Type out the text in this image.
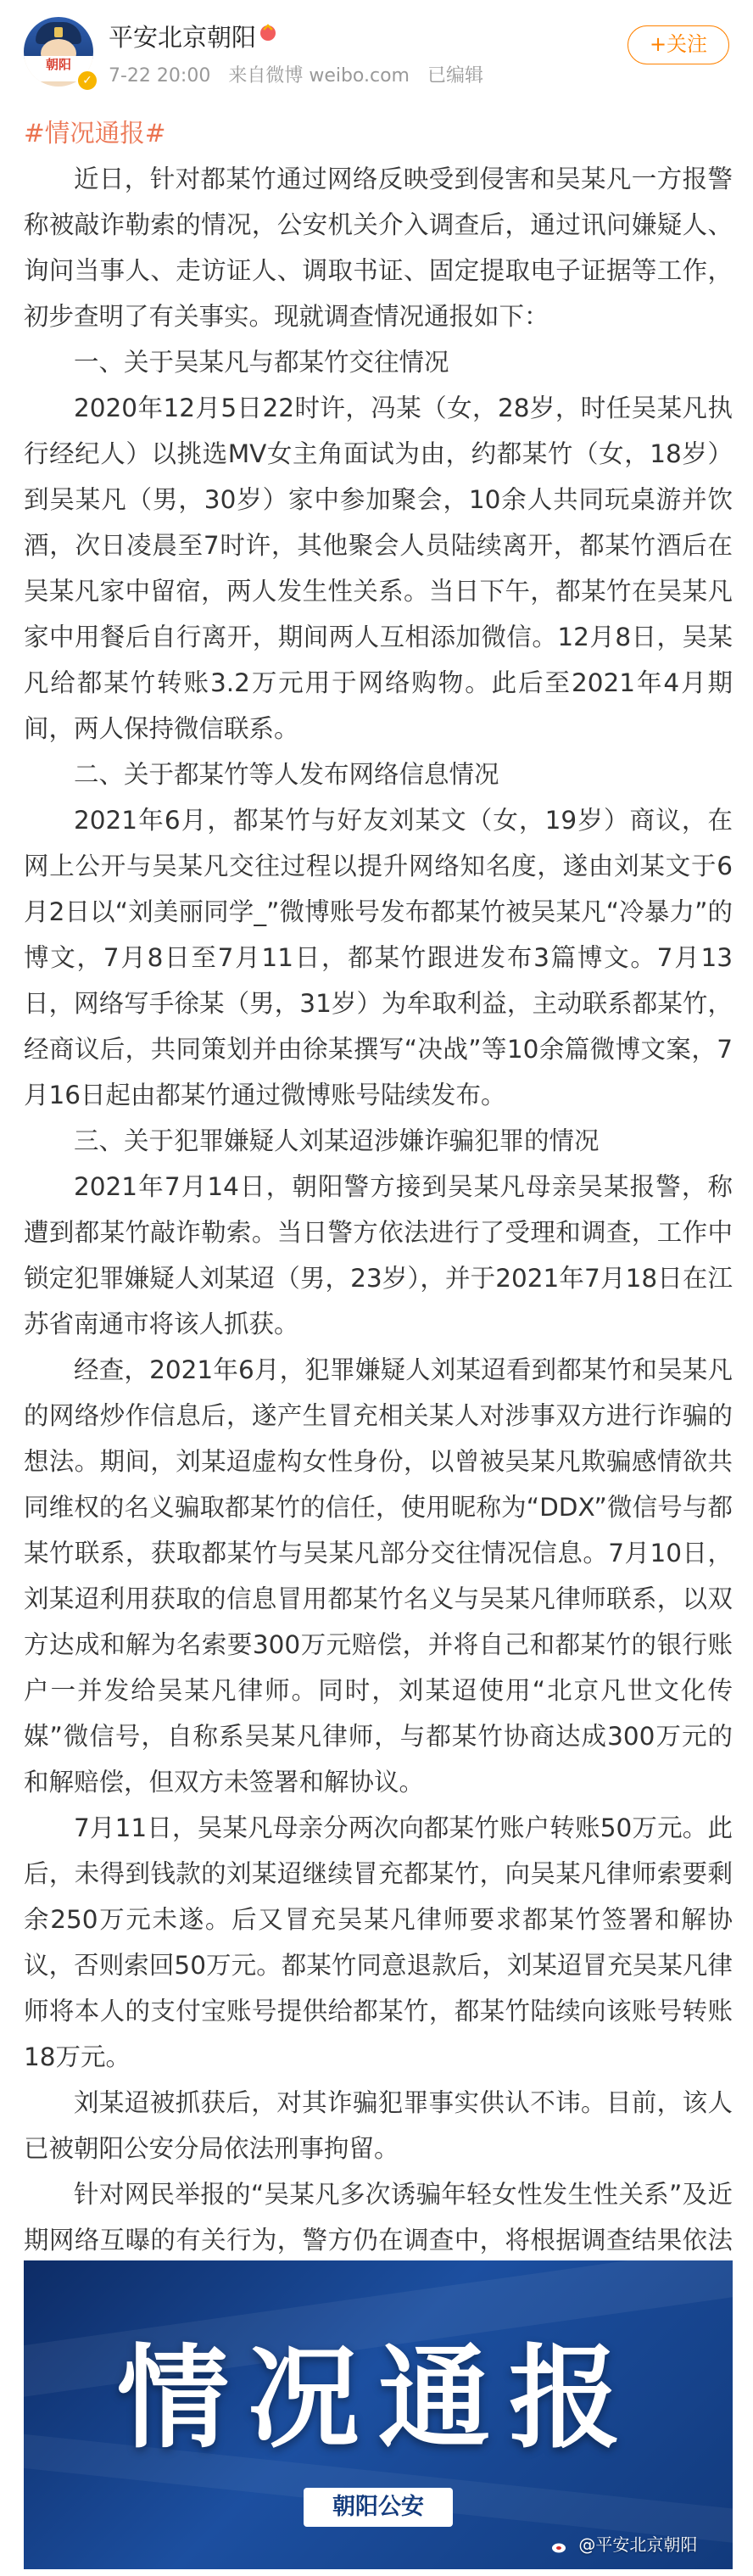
朝阳
✓
平安北京朝阳
7-22 20:00 来自微博 weibo.com 已编辑
+关注

#情况通报#

近日，针对都某竹通过网络反映受到侵害和吴某凡一方报警称被敲诈勒索的情况，公安机关介入调查后，通过讯问嫌疑人、询问当事人、走访证人、调取书证、固定提取电子证据等工作，初步查明了有关事实。现就调查情况通报如下：

一、关于吴某凡与都某竹交往情况

2020年12月5日22时许，冯某（女，28岁，时任吴某凡执行经纪人）以挑选MV女主角面试为由，约都某竹（女，18岁）到吴某凡（男，30岁）家中参加聚会，10余人共同玩桌游并饮酒，次日凌晨至7时许，其他聚会人员陆续离开，都某竹酒后在吴某凡家中留宿，两人发生性关系。当日下午，都某竹在吴某凡家中用餐后自行离开，期间两人互相添加微信。12月8日，吴某凡给都某竹转账3.2万元用于网络购物。此后至2021年4月期间，两人保持微信联系。

二、关于都某竹等人发布网络信息情况

2021年6月，都某竹与好友刘某文（女，19岁）商议，在网上公开与吴某凡交往过程以提升网络知名度，遂由刘某文于6月2日以“刘美丽同学_”微博账号发布都某竹被吴某凡“冷暴力”的博文，7月8日至7月11日，都某竹跟进发布3篇博文。7月13日，网络写手徐某（男，31岁）为牟取利益，主动联系都某竹，经商议后，共同策划并由徐某撰写“决战”等10余篇微博文案，7月16日起由都某竹通过微博账号陆续发布。

三、关于犯罪嫌疑人刘某迢涉嫌诈骗犯罪的情况

2021年7月14日，朝阳警方接到吴某凡母亲吴某报警，称遭到都某竹敲诈勒索。当日警方依法进行了受理和调查，工作中锁定犯罪嫌疑人刘某迢（男，23岁），并于2021年7月18日在江苏省南通市将该人抓获。

经查，2021年6月，犯罪嫌疑人刘某迢看到都某竹和吴某凡的网络炒作信息后，遂产生冒充相关某人对涉事双方进行诈骗的想法。期间，刘某迢虚构女性身份，以曾被吴某凡欺骗感情欲共同维权的名义骗取都某竹的信任，使用昵称为“DDX”微信号与都某竹联系，获取都某竹与吴某凡部分交往情况信息。7月10日，刘某迢利用获取的信息冒用都某竹名义与吴某凡律师联系，以双方达成和解为名索要300万元赔偿，并将自己和都某竹的银行账户一并发给吴某凡律师。同时，刘某迢使用“北京凡世文化传媒”微信号，自称系吴某凡律师，与都某竹协商达成300万元的和解赔偿，但双方未签署和解协议。

7月11日，吴某凡母亲分两次向都某竹账户转账50万元。此后，未得到钱款的刘某迢继续冒充都某竹，向吴某凡律师索要剩余250万元未遂。后又冒充吴某凡律师要求都某竹签署和解协议，否则索回50万元。都某竹同意退款后，刘某迢冒充吴某凡律师将本人的支付宝账号提供给都某竹，都某竹陆续向该账号转账18万元。

刘某迢被抓获后，对其诈骗犯罪事实供认不讳。目前，该人已被朝阳公安分局依法刑事拘留。

针对网民举报的“吴某凡多次诱骗年轻女性发生性关系”及近期网络互曝的有关行为，警方仍在调查中，将根据调查结果依法

情况通报
朝阳公安
@平安北京朝阳
